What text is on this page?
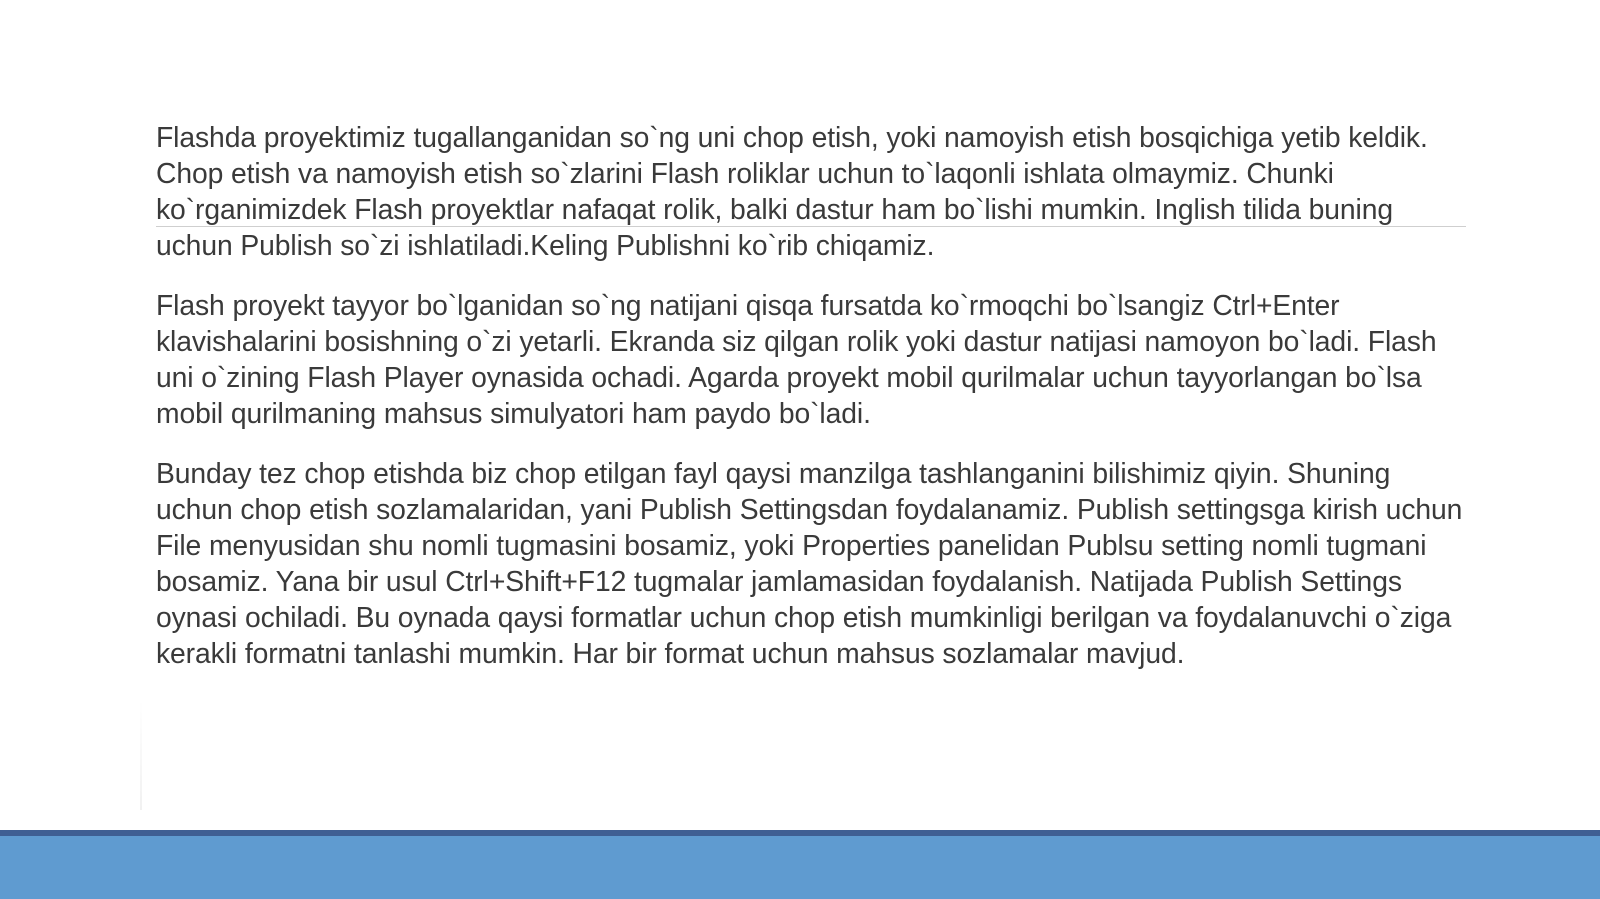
Flashda proyektimiz tugallanganidan so`ng uni chop etish, yoki namoyish etish bosqichiga yetib keldik. Chop etish va namoyish etish so`zlarini Flash roliklar uchun to`laqonli ishlata olmaymiz. Chunki ko`rganimizdek Flash proyektlar nafaqat rolik, balki dastur ham bo`lishi mumkin. Inglish tilida buning uchun Publish so`zi ishlatiladi.Keling Publishni ko`rib chiqamiz.

Flash proyekt tayyor bo`lganidan so`ng natijani qisqa fursatda ko`rmoqchi bo`lsangiz Ctrl+Enter klavishalarini bosishning o`zi yetarli. Ekranda siz qilgan rolik yoki dastur natijasi namoyon bo`ladi. Flash uni o`zining Flash Player oynasida ochadi. Agarda proyekt mobil qurilmalar uchun tayyorlangan bo`lsa mobil qurilmaning mahsus simulyatori ham paydo bo`ladi.

Bunday tez chop etishda biz chop etilgan fayl qaysi manzilga tashlanganini bilishimiz qiyin. Shuning uchun chop etish sozlamalaridan, yani Publish Settingsdan foydalanamiz. Publish settingsga kirish uchun File menyusidan shu nomli tugmasini bosamiz, yoki Properties panelidan Publsu setting nomli tugmani bosamiz. Yana bir usul Ctrl+Shift+F12 tugmalar jamlamasidan foydalanish. Natijada Publish Settings oynasi ochiladi. Bu oynada qaysi formatlar uchun chop etish mumkinligi berilgan va foydalanuvchi o`ziga kerakli formatni tanlashi mumkin. Har bir format uchun mahsus sozlamalar mavjud.
